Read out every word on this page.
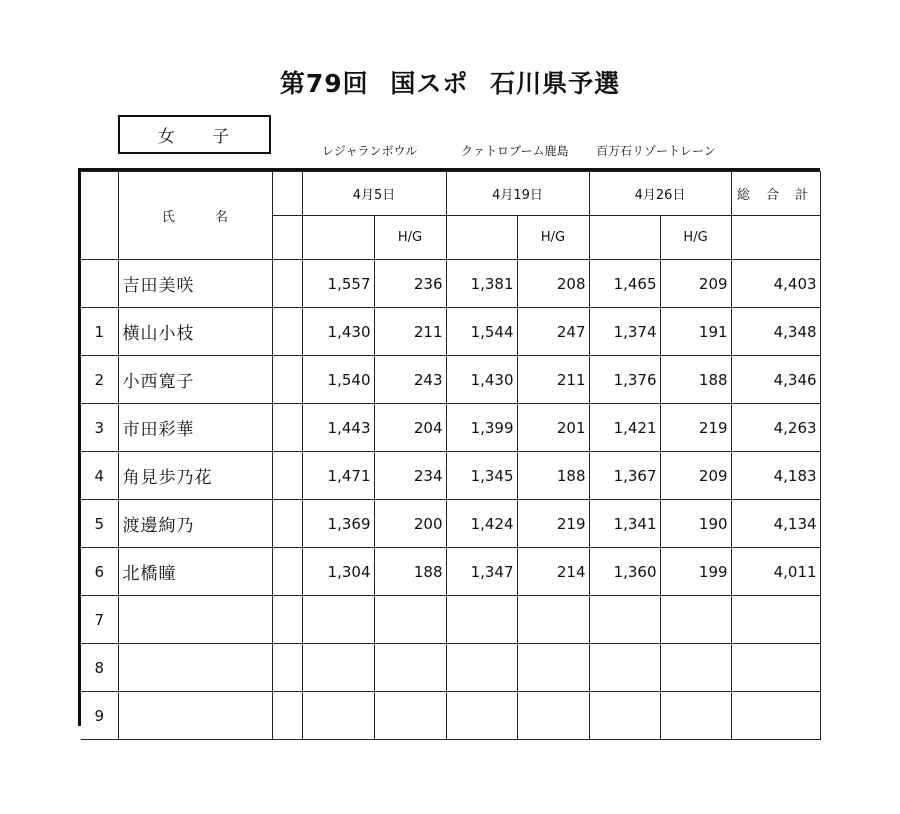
第79回 国スポ 石川県予選
女 子
レジャランボウル	クァトロブーム鹿島 百万石リゾートレーン
	氏 名		4月5日		4月19日		4月26日		総 合 計
				H/G		H/G		H/G	
	吉田美咲		1,557	236	1,381	208	1,465	209	4,403
1	横山小枝		1,430	211	1,544	247	1,374	191	4,348
2	小西寛子		1,540	243	1,430	211	1,376	188	4,346
3	市田彩華		1,443	204	1,399	201	1,421	219	4,263
4	角見歩乃花		1,471	234	1,345	188	1,367	209	4,183
5	渡邊絢乃		1,369	200	1,424	219	1,341	190	4,134
6	北橋瞳		1,304	188	1,347	214	1,360	199	4,011
7									
8									
9									
